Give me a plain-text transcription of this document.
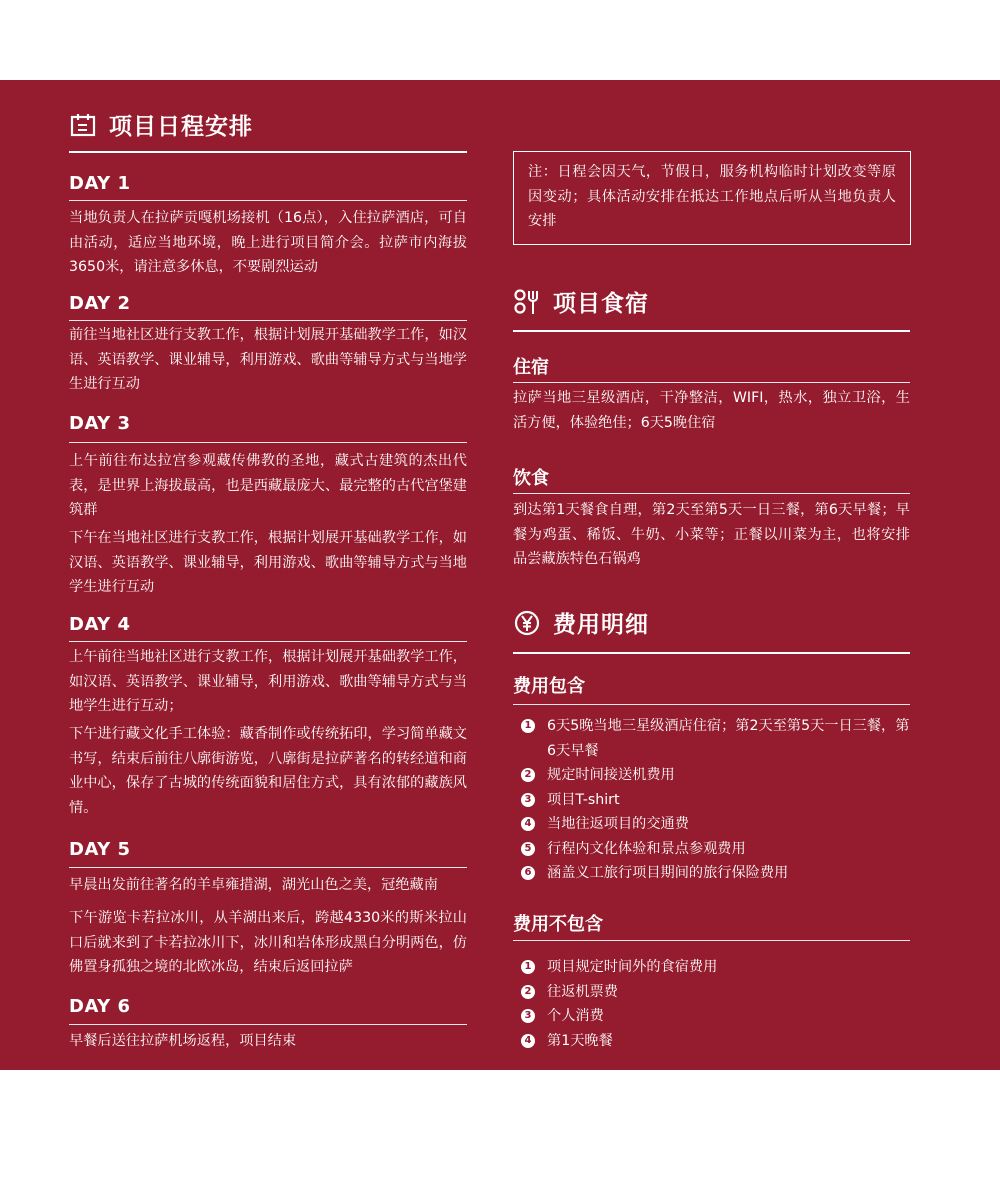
项目日程安排
DAY 1
当地负责人在拉萨贡嘎机场接机（16点），入住拉萨酒店，可自由活动，适应当地环境，晚上进行项目简介会。拉萨市内海拔3650米，请注意多休息，不要剧烈运动
DAY 2
前往当地社区进行支教工作，根据计划展开基础教学工作，如汉语、英语教学、课业辅导，利用游戏、歌曲等辅导方式与当地学生进行互动
DAY 3
上午前往布达拉宫参观藏传佛教的圣地，藏式古建筑的杰出代表，是世界上海拔最高，也是西藏最庞大、最完整的古代宫堡建筑群
下午在当地社区进行支教工作，根据计划展开基础教学工作，如汉语、英语教学、课业辅导，利用游戏、歌曲等辅导方式与当地学生进行互动
DAY 4
上午前往当地社区进行支教工作，根据计划展开基础教学工作，如汉语、英语教学、课业辅导，利用游戏、歌曲等辅导方式与当地学生进行互动；
下午进行藏文化手工体验：藏香制作或传统拓印，学习简单藏文书写，结束后前往八廓街游览，八廓街是拉萨著名的转经道和商业中心，保存了古城的传统面貌和居住方式，具有浓郁的藏族风情。
DAY 5
早晨出发前往著名的羊卓雍措湖，湖光山色之美，冠绝藏南
下午游览卡若拉冰川，从羊湖出来后，跨越4330米的斯米拉山口后就来到了卡若拉冰川下，冰川和岩体形成黑白分明两色，仿佛置身孤独之境的北欧冰岛，结束后返回拉萨
DAY 6
早餐后送往拉萨机场返程，项目结束
注：日程会因天气，节假日，服务机构临时计划改变等原因变动；具体活动安排在抵达工作地点后听从当地负责人安排
项目食宿
住宿
拉萨当地三星级酒店，干净整洁，WIFI，热水，独立卫浴，生活方便，体验绝佳；6天5晚住宿
饮食
到达第1天餐食自理，第2天至第5天一日三餐，第6天早餐；早餐为鸡蛋、稀饭、牛奶、小菜等；正餐以川菜为主，也将安排品尝藏族特色石锅鸡
费用明细
费用包含
1 6天5晚当地三星级酒店住宿；第2天至第5天一日三餐，第6天早餐
2 规定时间接送机费用
3 项目T-shirt
4 当地往返项目的交通费
5 行程内文化体验和景点参观费用
6 涵盖义工旅行项目期间的旅行保险费用
费用不包含
1 项目规定时间外的食宿费用
2 往返机票费
3 个人消费
4 第1天晚餐
